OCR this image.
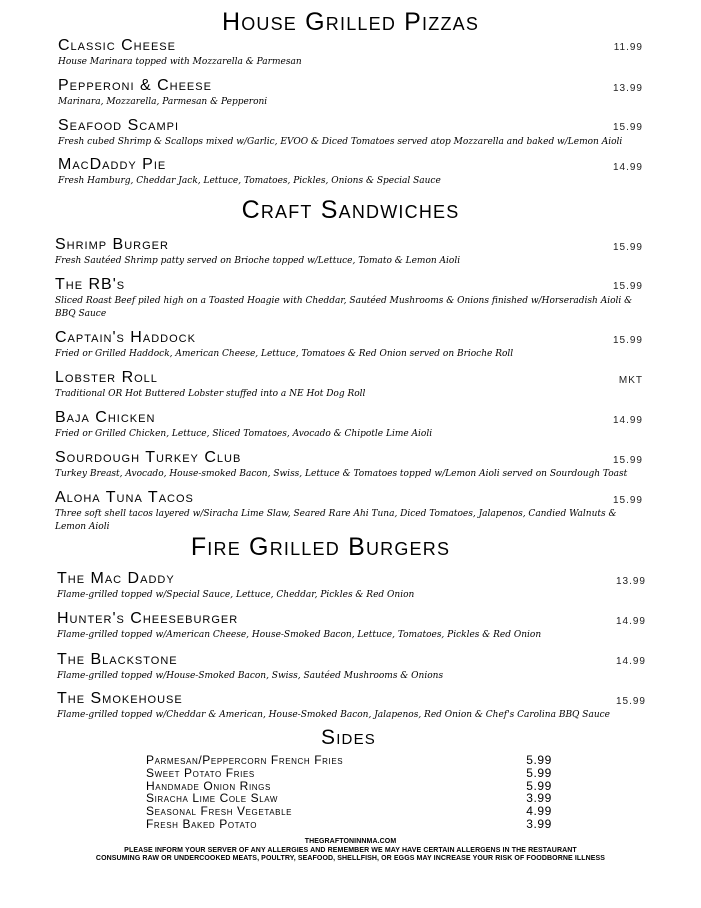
House Grilled Pizzas
Classic Cheese
House Marinara topped with Mozzarella & Parmesan
11.99
Pepperoni & Cheese
Marinara, Mozzarella, Parmesan & Pepperoni
13.99
Seafood Scampi
Fresh cubed Shrimp & Scallops mixed w/Garlic, EVOO & Diced Tomatoes served atop Mozzarella and baked w/Lemon Aioli
15.99
MacDaddy Pie
Fresh Hamburg, Cheddar Jack, Lettuce, Tomatoes, Pickles, Onions & Special Sauce
14.99
Craft Sandwiches
Shrimp Burger
Fresh Sautéed Shrimp patty served on Brioche topped w/Lettuce, Tomato & Lemon Aioli
15.99
The RB's
Sliced Roast Beef piled high on a Toasted Hoagie with Cheddar, Sautéed Mushrooms & Onions finished w/Horseradish Aioli & BBQ Sauce
15.99
Captain's Haddock
Fried or Grilled Haddock, American Cheese, Lettuce, Tomatoes & Red Onion served on Brioche Roll
15.99
Lobster Roll
Traditional OR Hot Buttered Lobster stuffed into a NE Hot Dog Roll
MKT
Baja Chicken
Fried or Grilled Chicken, Lettuce, Sliced Tomatoes, Avocado & Chipotle Lime Aioli
14.99
Sourdough Turkey Club
Turkey Breast, Avocado, House-smoked Bacon, Swiss, Lettuce & Tomatoes topped w/Lemon Aioli served on Sourdough Toast
15.99
Aloha Tuna Tacos
Three soft shell tacos layered w/Siracha Lime Slaw, Seared Rare Ahi Tuna, Diced Tomatoes, Jalapenos, Candied Walnuts & Lemon Aioli
15.99
Fire Grilled Burgers
The Mac Daddy
Flame-grilled topped w/Special Sauce, Lettuce, Cheddar, Pickles & Red Onion
13.99
Hunter's Cheeseburger
Flame-grilled topped w/American Cheese, House-Smoked Bacon, Lettuce, Tomatoes, Pickles & Red Onion
14.99
The Blackstone
Flame-grilled topped w/House-Smoked Bacon, Swiss, Sautéed Mushrooms & Onions
14.99
The Smokehouse
Flame-grilled topped w/Cheddar & American, House-Smoked Bacon, Jalapenos, Red Onion & Chef's Carolina BBQ Sauce
15.99
Sides
Parmesan/Peppercorn French Fries	5.99
Sweet Potato Fries	5.99
Handmade Onion Rings	5.99
Siracha Lime Cole Slaw	3.99
Seasonal Fresh Vegetable	4.99
Fresh Baked Potato	3.99
THEGRAFTONINNMA.COM
PLEASE INFORM YOUR SERVER OF ANY ALLERGIES AND REMEMBER WE MAY HAVE CERTAIN ALLERGENS IN THE RESTAURANT
CONSUMING RAW OR UNDERCOOKED MEATS, POULTRY, SEAFOOD, SHELLFISH, OR EGGS MAY INCREASE YOUR RISK OF FOODBORNE ILLNESS
